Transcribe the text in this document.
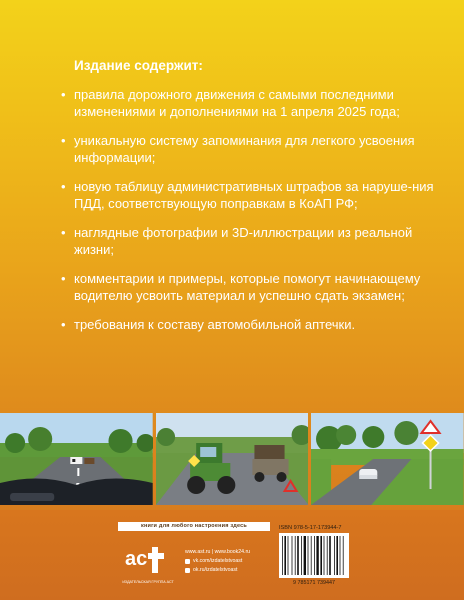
Издание содержит:

• правила дорожного движения с самыми последними изменениями и дополнениями на 1 апреля 2025 года;
• уникальную систему запоминания для легкого усвоения информации;
• новую таблицу административных штрафов за наруше-ния ПДД, соответствующую поправкам в КоАП РФ;
• наглядные фотографии и 3D-иллюстрации из реальной жизни;
• комментарии и примеры, которые помогут начинающему водителю усвоить материал и успешно сдать экзамен;
• требования к составу автомобильной аптечки.
книги для любого настроения здесь
ас
ИЗДАТЕЛЬСКАЯ ГРУППА АСТ
www.ast.ru | www.book24.ru
vk.com/izdatelstvoast
ok.ru/izdatelstvoast
ISBN 978-5-17-173944-7
9 785171 739447
